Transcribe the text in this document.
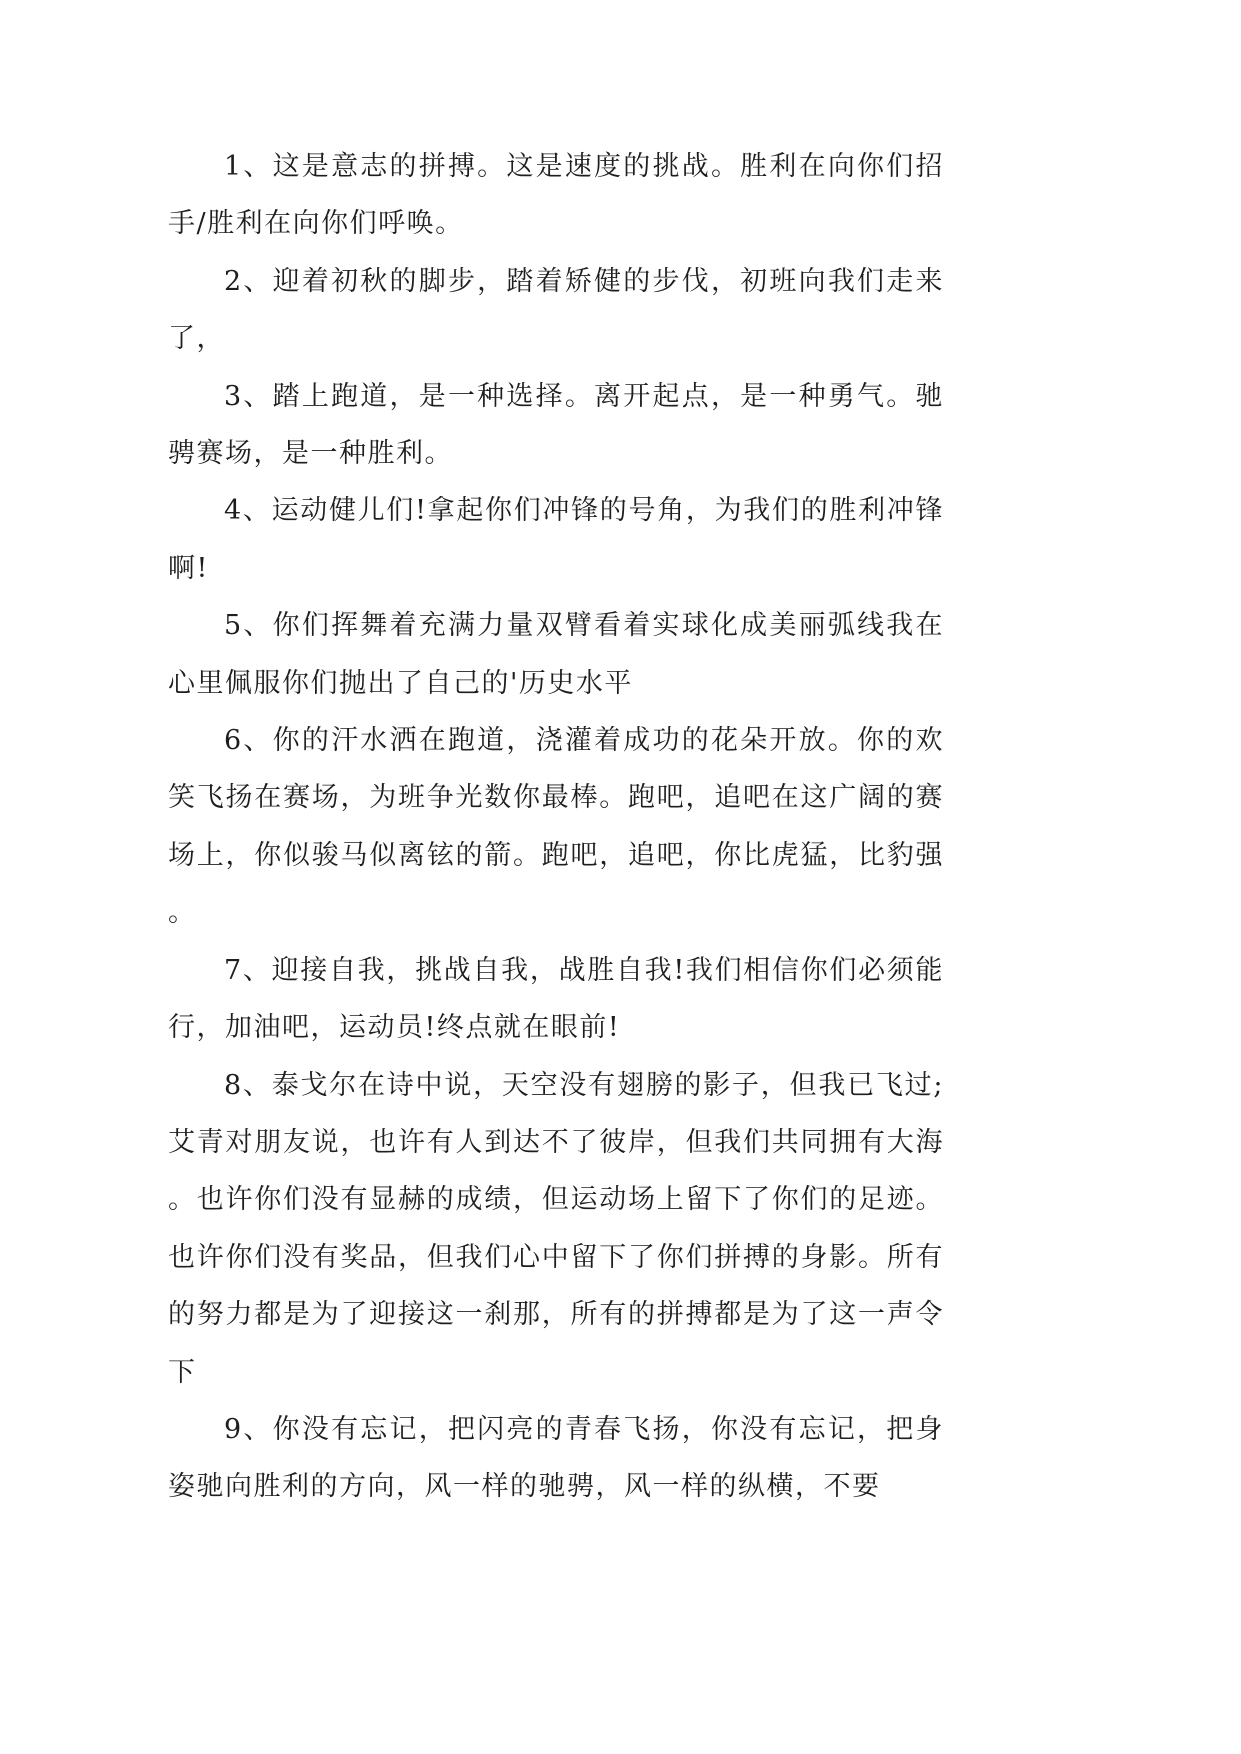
1、这是意志的拼搏。这是速度的挑战。胜利在向你们招手/胜利在向你们呼唤。

2、迎着初秋的脚步，踏着矫健的步伐，初班向我们走来了，

3、踏上跑道，是一种选择。离开起点，是一种勇气。驰骋赛场，是一种胜利。

4、运动健儿们!拿起你们冲锋的号角，为我们的胜利冲锋啊!

5、你们挥舞着充满力量双臂看着实球化成美丽弧线我在心里佩服你们抛出了自己的'历史水平

6、你的汗水洒在跑道，浇灌着成功的花朵开放。你的欢笑飞扬在赛场，为班争光数你最棒。跑吧，追吧在这广阔的赛场上，你似骏马似离铉的箭。跑吧，追吧，你比虎猛，比豹强。

7、迎接自我，挑战自我，战胜自我!我们相信你们必须能行，加油吧，运动员!终点就在眼前!

8、泰戈尔在诗中说，天空没有翅膀的影子，但我已飞过;艾青对朋友说，也许有人到达不了彼岸，但我们共同拥有大海。也许你们没有显赫的成绩，但运动场上留下了你们的足迹。也许你们没有奖品，但我们心中留下了你们拼搏的身影。所有的努力都是为了迎接这一刹那，所有的拼搏都是为了这一声令下

9、你没有忘记，把闪亮的青春飞扬，你没有忘记，把身姿驰向胜利的方向，风一样的驰骋，风一样的纵横，不要
